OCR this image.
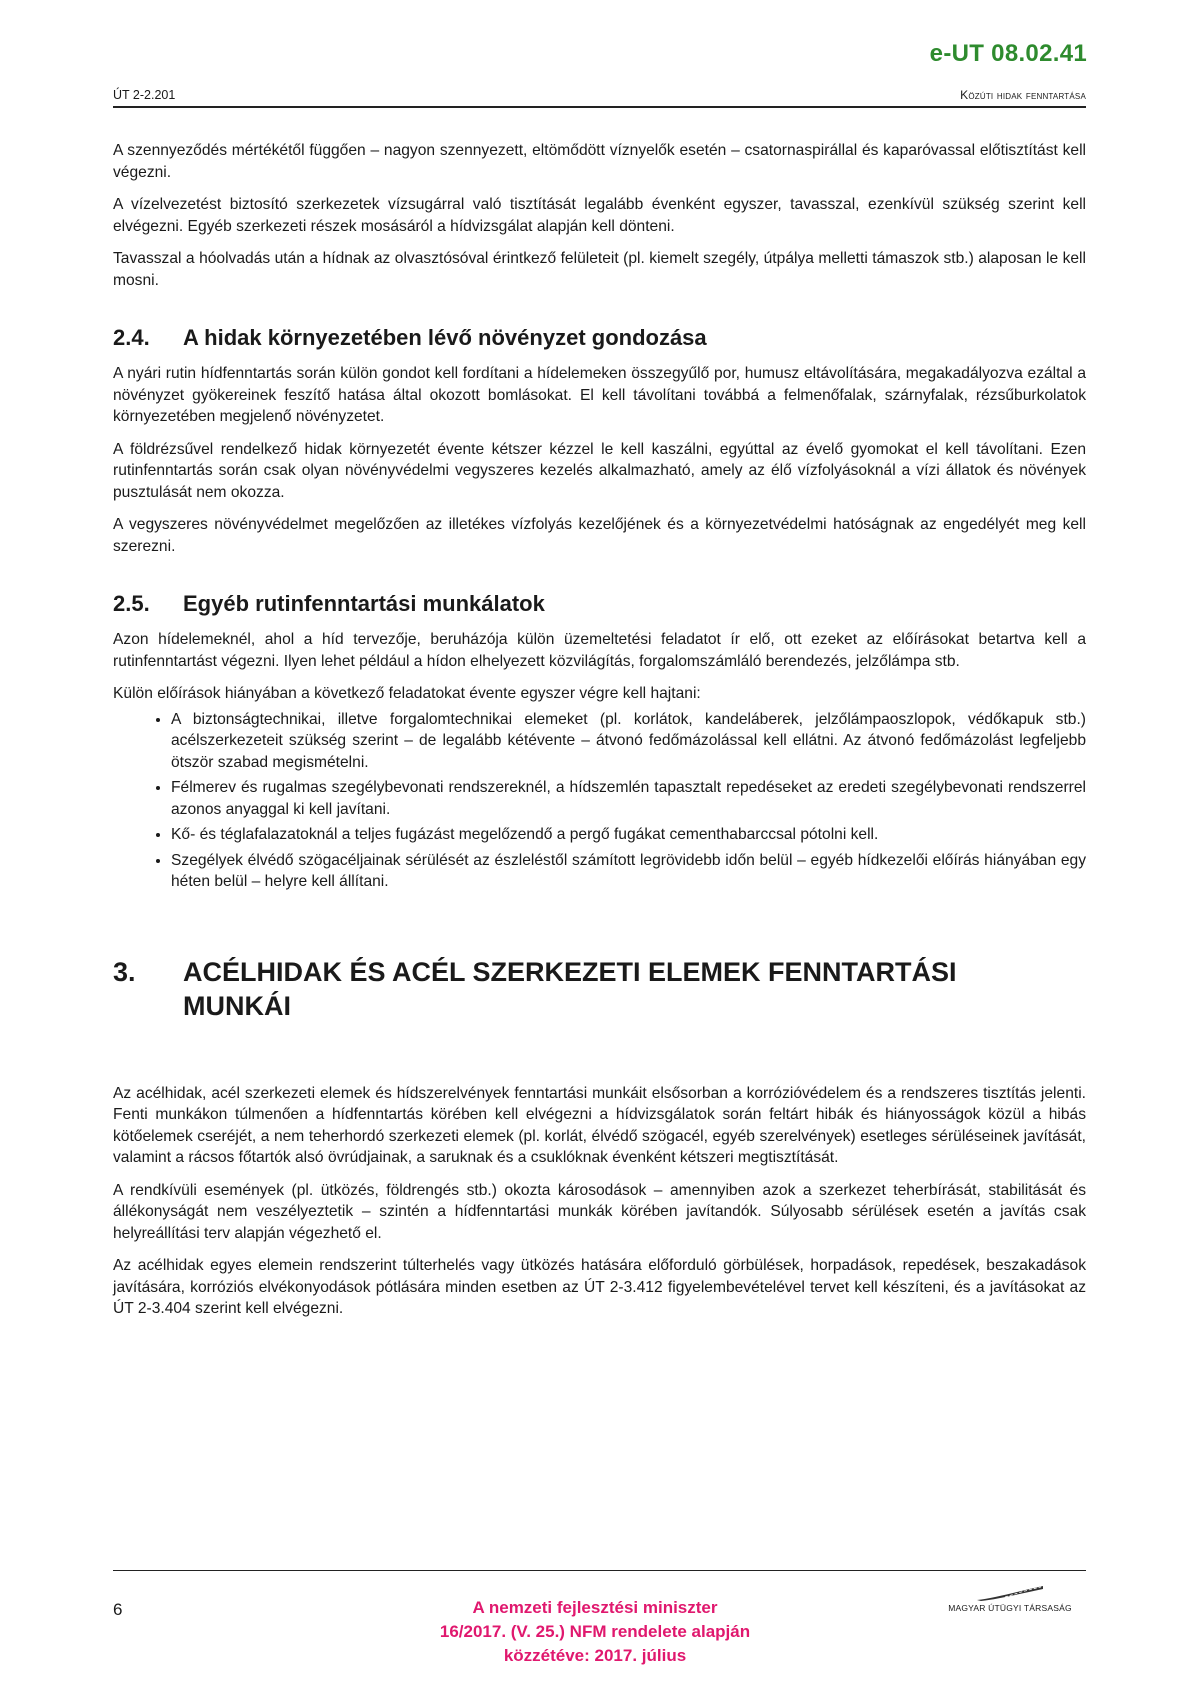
e-UT 08.02.41
ÚT 2-2.201	Közúti hidak fenntartása

A szennyeződés mértékétől függően – nagyon szennyezett, eltömődött víznyelők esetén – csatornaspirállal és kaparóvassal előtisztítást kell végezni.

A vízelvezetést biztosító szerkezetek vízsugárral való tisztítását legalább évenként egyszer, tavasszal, ezenkívül szükség szerint kell elvégezni. Egyéb szerkezeti részek mosásáról a hídvizsgálat alapján kell dönteni.

Tavasszal a hóolvadás után a hídnak az olvasztósóval érintkező felületeit (pl. kiemelt szegély, útpálya melletti támaszok stb.) alaposan le kell mosni.

2.4.	A hidak környezetében lévő növényzet gondozása

A nyári rutin hídfenntartás során külön gondot kell fordítani a hídelemeken összegyűlő por, humusz eltávolítására, megakadályozva ezáltal a növényzet gyökereinek feszítő hatása által okozott bomlásokat. El kell távolítani továbbá a felmenőfalak, szárnyfalak, rézsűburkolatok környezetében megjelenő növényzetet.

A földrézsűvel rendelkező hidak környezetét évente kétszer kézzel le kell kaszálni, egyúttal az évelő gyomokat el kell távolítani. Ezen rutinfenntartás során csak olyan növényvédelmi vegyszeres kezelés alkalmazható, amely az élő vízfolyásoknál a vízi állatok és növények pusztulását nem okozza.

A vegyszeres növényvédelmet megelőzően az illetékes vízfolyás kezelőjének és a környezetvédelmi hatóságnak az engedélyét meg kell szerezni.

2.5.	Egyéb rutinfenntartási munkálatok

Azon hídelemeknél, ahol a híd tervezője, beruházója külön üzemeltetési feladatot ír elő, ott ezeket az előírásokat betartva kell a rutinfenntartást végezni. Ilyen lehet például a hídon elhelyezett közvilágítás, forgalomszámláló berendezés, jelzőlámpa stb.

Külön előírások hiányában a következő feladatokat évente egyszer végre kell hajtani:

• A biztonságtechnikai, illetve forgalomtechnikai elemeket (pl. korlátok, kandeláberek, jelzőlámpaoszlopok, védőkapuk stb.) acélszerkezeteit szükség szerint – de legalább kétévente – átvonó fedőmázolással kell ellátni. Az átvonó fedőmázolást legfeljebb ötször szabad megismételni.
• Félmerev és rugalmas szegélybevonati rendszereknél, a hídszemlén tapasztalt repedéseket az eredeti szegélybevonati rendszerrel azonos anyaggal ki kell javítani.
• Kő- és téglafalazatoknál a teljes fugázást megelőzendő a pergő fugákat cementhabarccsal pótolni kell.
• Szegélyek élvédő szögacéljainak sérülését az észleléstől számított legrövidebb időn belül – egyéb hídkezelői előírás hiányában egy héten belül – helyre kell állítani.
3.	ACÉLHIDAK ÉS ACÉL SZERKEZETI ELEMEK FENNTARTÁSI
MUNKÁI

Az acélhidak, acél szerkezeti elemek és hídszerelvények fenntartási munkáit elsősorban a korrózióvédelem és a rendszeres tisztítás jelenti. Fenti munkákon túlmenően a hídfenntartás körében kell elvégezni a hídvizsgálatok során feltárt hibák és hiányosságok közül a hibás kötőelemek cseréjét, a nem teherhordó szerkezeti elemek (pl. korlát, élvédő szögacél, egyéb szerelvények) esetleges sérüléseinek javítását, valamint a rácsos főtartók alsó övrúdjainak, a saruknak és a csuklóknak évenként kétszeri megtisztítását.

A rendkívüli események (pl. ütközés, földrengés stb.) okozta károsodások – amennyiben azok a szerkezet teherbírását, stabilitását és állékonyságát nem veszélyeztetik – szintén a hídfenntartási munkák körében javítandók. Súlyosabb sérülések esetén a javítás csak helyreállítási terv alapján végezhető el.

Az acélhidak egyes elemein rendszerint túlterhelés vagy ütközés hatására előforduló görbülések, horpadások, repedések, beszakadások javítására, korróziós elvékonyodások pótlására minden esetben az ÚT 2-3.412 figyelembevételével tervet kell készíteni, és a javításokat az ÚT 2-3.404 szerint kell elvégezni.

6	A nemzeti fejlesztési miniszter
16/2017. (V. 25.) NFM rendelete alapján
közzétéve: 2017. július
MAGYAR ÚTÜGYI TÁRSASÁG
